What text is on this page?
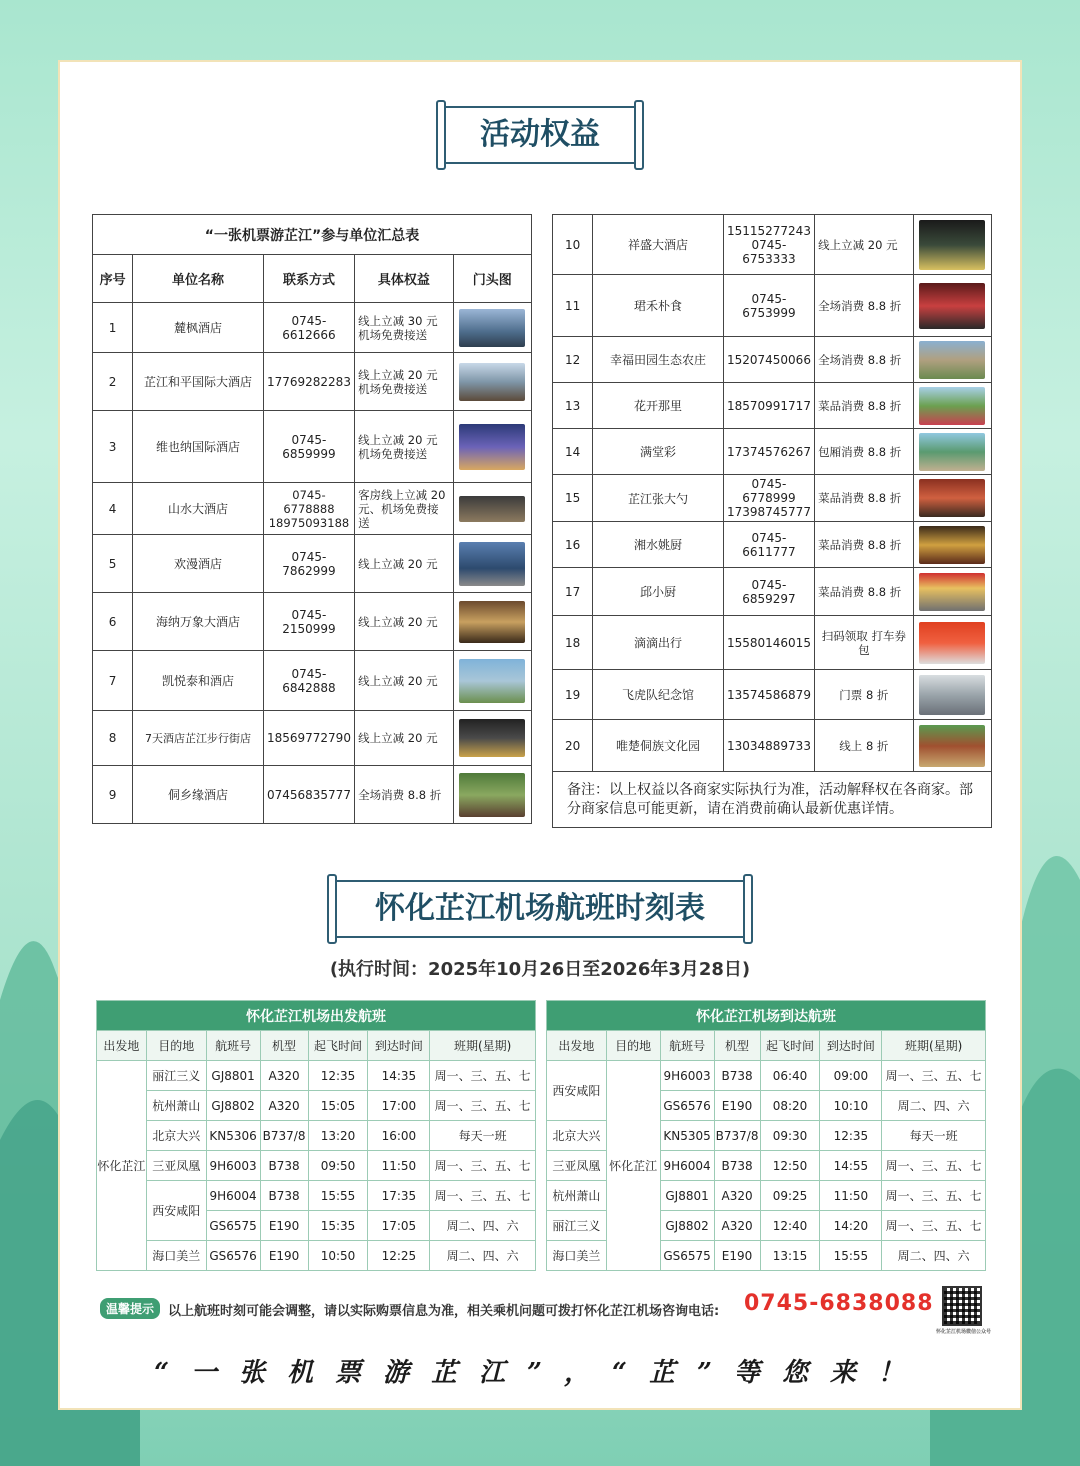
活动权益
“一张机票游芷江”参与单位汇总表				
序号	单位名称	联系方式	具体权益	门头图
1	麓枫酒店	0745-6612666	线上立减 30 元 机场免费接送	

2	芷江和平国际大酒店	17769282283	线上立减 20 元 机场免费接送	

3	维也纳国际酒店	0745-6859999	线上立减 20 元 机场免费接送	

4	山水大酒店	0745-6778888 18975093188	客房线上立减 20 元、机场免费接送	

5	欢漫酒店	0745-7862999	线上立减 20 元	

6	海纳万象大酒店	0745-2150999	线上立减 20 元	

7	凯悦泰和酒店	0745-6842888	线上立减 20 元	

8	7天酒店芷江步行街店	18569772790	线上立减 20 元	

9	侗乡缘酒店	07456835777	全场消费 8.8 折	
10	祥盛大酒店	15115277243 0745-6753333	线上立减 20 元	

11	珺禾朴食	0745-6753999	全场消费 8.8 折	

12	幸福田园生态农庄	15207450066	全场消费 8.8 折	

13	花开那里	18570991717	菜品消费 8.8 折	

14	满堂彩	17374576267	包厢消费 8.8 折	

15	芷江张大勺	0745-6778999 17398745777	菜品消费 8.8 折	

16	湘水姚厨	0745-6611777	菜品消费 8.8 折	

17	邱小厨	0745-6859297	菜品消费 8.8 折	

18	滴滴出行	15580146015	扫码领取 打车券包	

19	飞虎队纪念馆	13574586879	门票 8 折	

20	唯楚侗族文化园	13034889733	线上 8 折	

备注：以上权益以各商家实际执行为准，活动解释权在各商家。部分商家信息可能更新，请在消费前确认最新优惠详情。				
怀化芷江机场航班时刻表
(执行时间：2025年10月26日至2026年3月28日)
怀化芷江机场出发航班						
出发地	目的地	航班号	机型	起飞时间	到达时间	班期(星期)
怀化芷江	丽江三义	GJ8801	A320	12:35	14:35	周一、三、五、七
	杭州萧山	GJ8802	A320	15:05	17:00	周一、三、五、七
	北京大兴	KN5306	B737/8	13:20	16:00	每天一班
	三亚凤凰	9H6003	B738	09:50	11:50	周一、三、五、七
	西安咸阳	9H6004	B738	15:55	17:35	周一、三、五、七
		GS6575	E190	15:35	17:05	周二、四、六
	海口美兰	GS6576	E190	10:50	12:25	周二、四、六
怀化芷江机场到达航班						
出发地	目的地	航班号	机型	起飞时间	到达时间	班期(星期)
西安咸阳	怀化芷江	9H6003	B738	06:40	09:00	周一、三、五、七
		GS6576	E190	08:20	10:10	周二、四、六
北京大兴		KN5305	B737/8	09:30	12:35	每天一班
三亚凤凰		9H6004	B738	12:50	14:55	周一、三、五、七
杭州萧山		GJ8801	A320	09:25	11:50	周一、三、五、七
丽江三义		GJ8802	A320	12:40	14:20	周一、三、五、七
海口美兰		GS6575	E190	13:15	15:55	周二、四、六
温馨提示	以上航班时刻可能会调整，请以实际购票信息为准，相关乘机问题可拨打怀化芷江机场咨询电话: 0745-6838088
怀化芷江机场微信公众号
“一张机票游芷江”，“芷”等您来！
